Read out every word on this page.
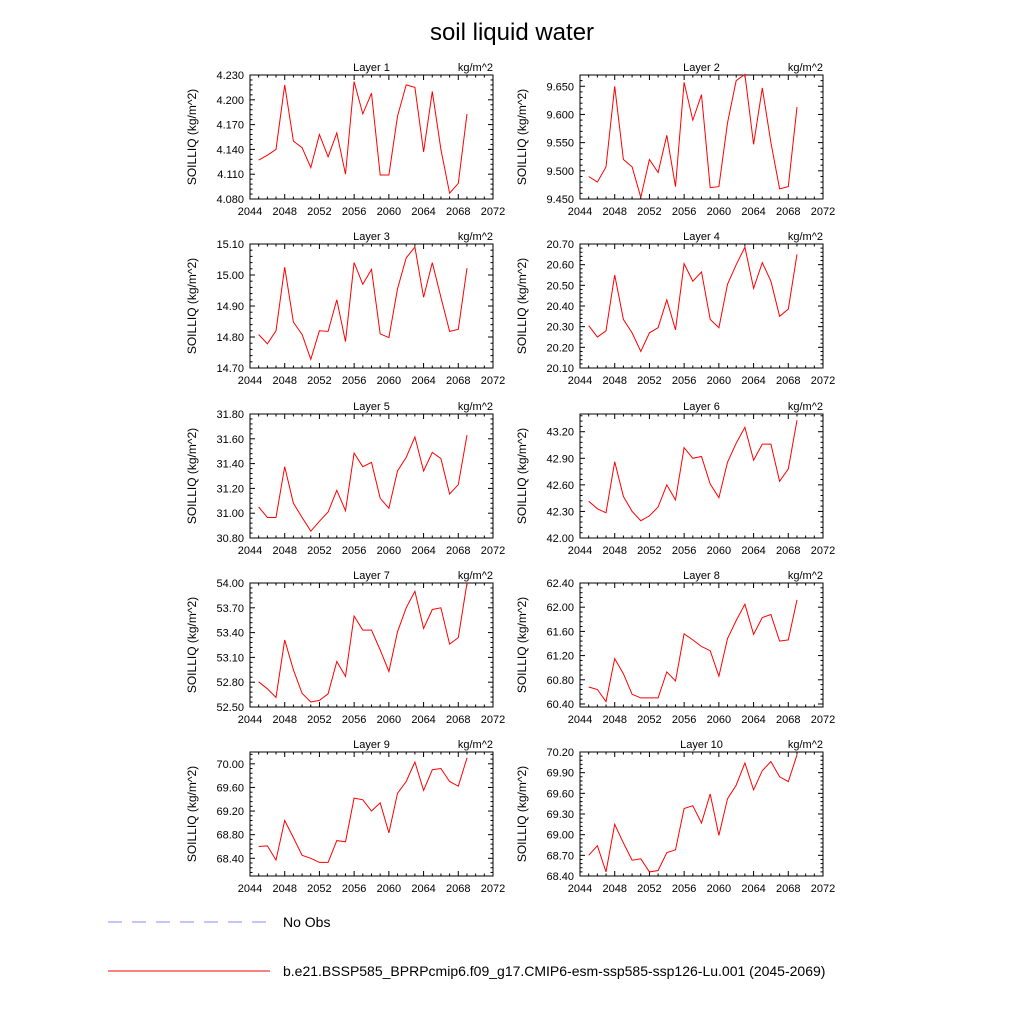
soil liquid water
Layer 1	kg/m^2
SOILLIQ (kg/m^2)
2044 2048 2052 2056 2060 2064 2068 2072
4.080
4.110
4.140
4.170
4.200
4.230
Layer 2	kg/m^2
SOILLIQ (kg/m^2)
2044 2048 2052 2056 2060 2064 2068 2072
9.450
9.500
9.550
9.600
9.650
Layer 3	kg/m^2
SOILLIQ (kg/m^2)
2044 2048 2052 2056 2060 2064 2068 2072
14.70
14.80
14.90
15.00
15.10
Layer 4	kg/m^2
SOILLIQ (kg/m^2)
2044 2048 2052 2056 2060 2064 2068 2072
20.10
20.20
20.30
20.40
20.50
20.60
20.70
Layer 5	kg/m^2
SOILLIQ (kg/m^2)
2044 2048 2052 2056 2060 2064 2068 2072
30.80
31.00
31.20
31.40
31.60
31.80
Layer 6	kg/m^2
SOILLIQ (kg/m^2)
2044 2048 2052 2056 2060 2064 2068 2072
42.00
42.30
42.60
42.90
43.20
Layer 7	kg/m^2
SOILLIQ (kg/m^2)
2044 2048 2052 2056 2060 2064 2068 2072
52.50
52.80
53.10
53.40
53.70
54.00
Layer 8	kg/m^2
SOILLIQ (kg/m^2)
2044 2048 2052 2056 2060 2064 2068 2072
60.40
60.80
61.20
61.60
62.00
62.40
Layer 9	kg/m^2
SOILLIQ (kg/m^2)
2044 2048 2052 2056 2060 2064 2068 2072
68.40
68.80
69.20
69.60
70.00
Layer 10	kg/m^2
SOILLIQ (kg/m^2)
2044 2048 2052 2056 2060 2064 2068 2072
68.40
68.70
69.00
69.30
69.60
69.90
70.20
No Obs
b.e21.BSSP585_BPRPcmip6.f09_g17.CMIP6-esm-ssp585-ssp126-Lu.001 (2045-2069)
